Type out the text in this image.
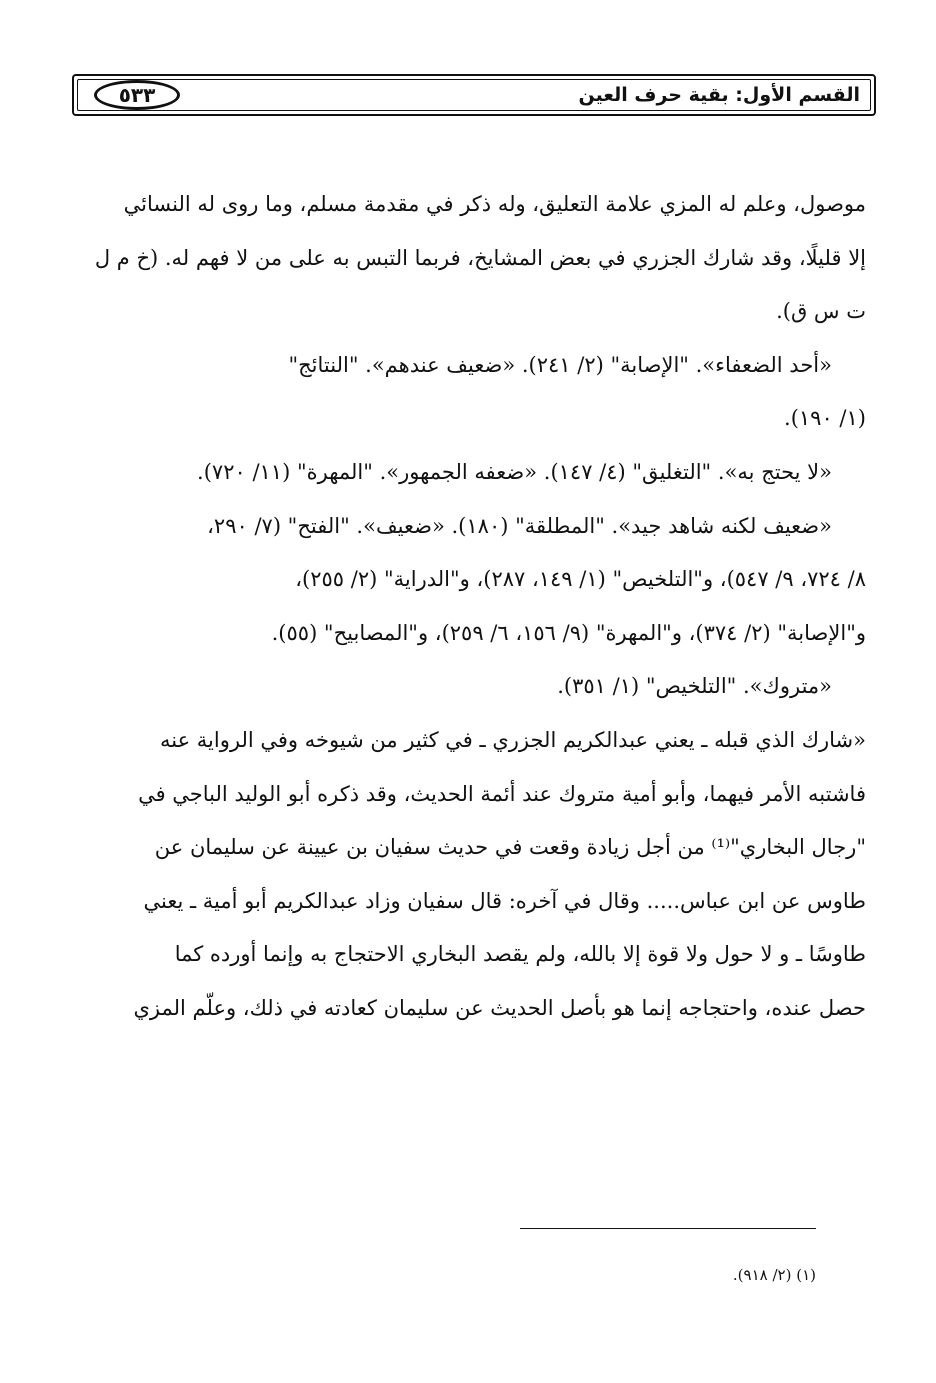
القسم الأول: بقية حرف العين
٥٣٣
موصول، وعلم له المزي علامة التعليق، وله ذكر في مقدمة مسلم، وما روى له النسائي
إلا قليلًا، وقد شارك الجزري في بعض المشايخ، فربما التبس به على من لا فهم له. (خ م ل
ت س ق).
«أحد الضعفاء». "الإصابة" (٢/ ٢٤١). «ضعيف عندهم». "النتائج"
(١/ ١٩٠).
«لا يحتج به». "التغليق" (٤/ ١٤٧). «ضعفه الجمهور». "المهرة" (١١/ ٧٢٠).
«ضعيف لكنه شاهد جيد». "المطلقة" (١٨٠). «ضعيف». "الفتح" (٧/ ٢٩٠،
٨/ ٧٢٤، ٩/ ٥٤٧)، و"التلخيص" (١/ ١٤٩، ٢٨٧)، و"الدراية" (٢/ ٢٥٥)،
و"الإصابة" (٢/ ٣٧٤)، و"المهرة" (٩/ ١٥٦، ٦/ ٢٥٩)، و"المصابيح" (٥٥).
«متروك». "التلخيص" (١/ ٣٥١).
«شارك الذي قبله ـ يعني عبدالكريم الجزري ـ في كثير من شيوخه وفي الرواية عنه
فاشتبه الأمر فيهما، وأبو أمية متروك عند أئمة الحديث، وقد ذكره أبو الوليد الباجي في
"رجال البخاري"⁽¹⁾ من أجل زيادة وقعت في حديث سفيان بن عيينة عن سليمان عن
طاوس عن ابن عباس..... وقال في آخره: قال سفيان وزاد عبدالكريم أبو أمية ـ يعني
طاوسًا ـ و لا حول ولا قوة إلا بالله، ولم يقصد البخاري الاحتجاج به وإنما أورده كما
حصل عنده، واحتجاجه إنما هو بأصل الحديث عن سليمان كعادته في ذلك، وعلّم المزي
(١) (٢/ ٩١٨).
